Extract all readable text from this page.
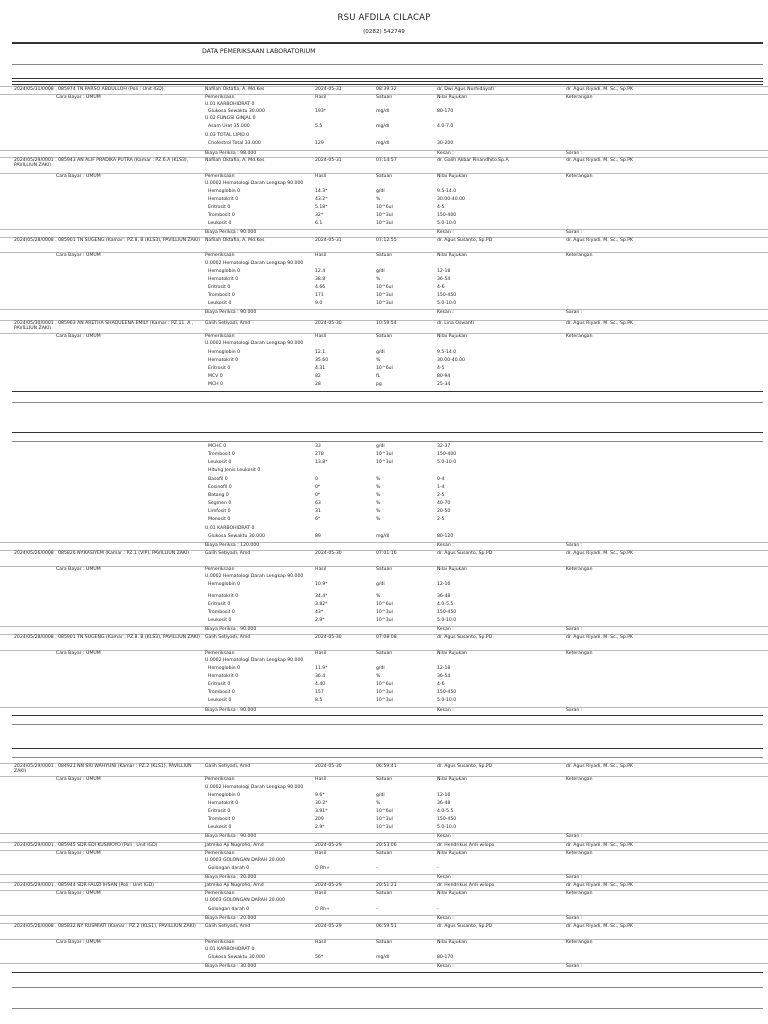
RSU AFDILA CILACAP
(0282) 542749
DATA PEMERIKSAAN LABORATORIUM
2024/05/31/0008 . 085974 TN PARSO ABDULLOH (Poli : Unit IGD)	Nafilah Oktafia, A. Md.Kes	2024-05-31	08:39:32	dr. Dwi Agus Nurhidayati	dr. Agus Riyadi, M. Sc., Sp.PK
Cara Bayar : UMUM	Pemeriksaan	Hasil	Satuan	Nilai Rujukan	Keterangan
U.01 KARBOHIDRAT 0
Glukosa Sewaktu 30.000	193*	mg/dl	80-170
U.02 FUNGSI GINJAL 0
Asam Urat 35.000	5.5	mg/dl	4.0-7.0
U.03 TOTAL LIPID 0
Cholestrol Total 33.000	129	mg/dl	30-200
Biaya Periksa : 98.000	Kesan :	Saran :
2024/05/29/0001 . 085943 AN ALIF PRADIKA PUTRA (Kamar : PZ.6.A (KLS3), PAVILLIUN ZAKI)
Nafilah Oktafia, A. Md.Kes	2024-05-31	07:14:57	dr. Galih Akbar Pinandhito.Sp.A	dr. Agus Riyadi, M. Sc., Sp.PK
Cara Bayar : UMUM	Pemeriksaan	Hasil	Satuan	Nilai Rujukan	Keterangan
U.0002 Hematologi Darah Lengkap 90.000
Hemoglobin 0	14.3*	g/dl	9.5-14.0
Hematokrit 0	43.2*	%	30.00-40.00
Eritrosit 0	5.18*	10^6ul	4-5
Trombosit 0	32*	10^3ul	150-400
Leukosit 0	6.1	10^3ul	5.0-10.0
Biaya Periksa : 90.000	Kesan :	Saran :
2024/05/28/0008 . 085901 TN SUGENG (Kamar : PZ.8. B (KLS3), PAVILLIUN ZAKI)	Nafilah Oktafia, A. Md.Kes	2024-05-31	07:12:55	dr. Agus Susanto, Sp.PD	dr. Agus Riyadi, M. Sc., Sp.PK
Cara Bayar : UMUM	Pemeriksaan	Hasil	Satuan	Nilai Rujukan	Keterangan
U.0002 Hematologi Darah Lengkap 90.000
Hemoglobin 0	12.4	g/dl	12-18
Hematokrit 0	38.8	%	36-54
Eritrosit 0	4.66	10^6ul	4-6
Trombosit 0	171	10^3ul	150-450
Leukosit 0	9.0	10^3ul	5.0-10.0
Biaya Periksa : 90.000	Kesan :	Saran :
2024/05/30/0001 . 085963 AN ARETHA SHAQUEENA EMILY (Kamar : PZ.11. A , PAVILLIUN ZAKI)
Galih Setiyadi, Amd	2024-05-30	10:59:54	dr. Lina Oswanti	dr. Agus Riyadi, M. Sc., Sp.PK
Cara Bayar : UMUM	Pemeriksaan	Hasil	Satuan	Nilai Rujukan	Keterangan
U.0002 Hematologi Darah Lengkap 90.000
Hemoglobin 0	12.1	g/dl	9.5-14.0
Hematokrit 0	35.60	%	30.00-40.00
Eritrosit 0	4.31	10^6ul	4-5
MCV 0	82	fL	80-94
MCH 0	28	pg	25-34
MCHC 0	33	g/dl	32-37
Trombosit 0	278	10^3ul	150-400
Leukosit 0	13.8*	10^3ul	5.0-10.0
Hitung Jenis Leukosit 0
Basofil 0	0	%	0-4
Eosinofil 0	0*	%	1-4
Batang 0	0*	%	2-5
Segmen 0	63	%	40-70
Limfosit 0	31	%	20-50
Monosit 0	6*	%	2-5
U.01 KARBOHIDRAT 0
Glukosa Sewaktu 30.000	89	mg/dl	80-120
Biaya Periksa : 120.000	Kesan :	Saran :
2024/05/26/0008 . 085826 NY.KASIYEM (Kamar : PZ.1 (VIP), PAVILLIUN ZAKI)	Galih Setiyadi, Amd	2024-05-30	07:01:16	dr. Agus Susanto, Sp.PD	dr. Agus Riyadi, M. Sc., Sp.PK
Cara Bayar : UMUM	Pemeriksaan	Hasil	Satuan	Nilai Rujukan	Keterangan
U.0002 Hematologi Darah Lengkap 90.000
Hemoglobin 0	10.9*	g/dl	12-16
Hematokrit 0	34.4*	%	36-48
Eritrosit 0	3.82*	10^6ul	4.0-5.5
Trombosit 0	43*	10^3ul	150-450
Leukosit 0	2.9*	10^3ul	5.0-10.0
Biaya Periksa : 90.000	Kesan :	Saran :
2024/05/28/0008 . 085901 TN SUGENG (Kamar : PZ.8. B (KLS3), PAVILLIUN ZAKI)	Galih Setiyadi, Amd	2024-05-30	07:08:08	dr. Agus Susanto, Sp.PD	dr. Agus Riyadi, M. Sc., Sp.PK
Cara Bayar : UMUM	Pemeriksaan	Hasil	Satuan	Nilai Rujukan	Keterangan
U.0002 Hematologi Darah Lengkap 90.000
Hemoglobin 0	11.9*	g/dl	12-18
Hematokrit 0	36.4	%	36-54
Eritrosit 0	4.40	10^6ul	4-6
Trombosit 0	157	10^3ul	150-450
Leukosit 0	8.5	10^3ul	5.0-10.0
Biaya Periksa : 90.000	Kesan :	Saran :
2024/05/29/0001 . 084921 NN SRI WAHYUNI (Kamar : PZ.2 (KLS1), PAVILLIUN ZAKI)
Galih Setiyadi, Amd	2024-05-30	06:59:41	dr. Agus Susanto, Sp.PD	dr. Agus Riyadi, M. Sc., Sp.PK
Cara Bayar : UMUM	Pemeriksaan	Hasil	Satuan	Nilai Rujukan	Keterangan
U.0002 Hematologi Darah Lengkap 90.000
Hemoglobin 0	9.6*	g/dl	12-16
Hematokrit 0	30.2*	%	36-48
Eritrosit 0	3.91*	10^6ul	4.0-5.5
Trombosit 0	209	10^3ul	150-450
Leukosit 0	2.9*	10^3ul	5.0-10.0
Biaya Periksa : 90.000	Kesan :	Saran :
2024/05/29/0001 . 085945 SDR EDI KUSWOYO (Poli : Unit IGD)	Jatmiko Aji Nugroho, Amd	2024-05-29	20:53:06	dr. Hendrikus Ardi wilopo	dr. Agus Riyadi, M. Sc., Sp.PK
Cara Bayar : UMUM	Pemeriksaan	Hasil	Satuan	Nilai Rujukan	Keterangan
U.0003 GOLONGAN DARAH 20.000
Golongan darah 0	O Rh+	-	-
Biaya Periksa : 20.000	Kesan :	Saran :
2024/05/29/0001 . 085944 SDR FAUZI IHSAN (Poli : Unit IGD)	Jatmiko Aji Nugroho, Amd	2024-05-29	20:51:21	dr. Hendrikus Ardi wilopo	dr. Agus Riyadi, M. Sc., Sp.PK
Cara Bayar : UMUM	Pemeriksaan	Hasil	Satuan	Nilai Rujukan	Keterangan
U.0003 GOLONGAN DARAH 20.000
Golongan darah 0	O Rh+	-	-
Biaya Periksa : 20.000	Kesan :	Saran :
2024/05/26/0008 . 085832 NY RUSMIATI (Kamar : PZ.2 (KLS1), PAVILLIUN ZAKI)	Galih Setiyadi, Amd	2024-05-29	06:59:51	dr. Agus Susanto, Sp.PD	dr. Agus Riyadi, M. Sc., Sp.PK
Cara Bayar : UMUM	Pemeriksaan	Hasil	Satuan	Nilai Rujukan	Keterangan
U.01 KARBOHIDRAT 0
Glukosa Sewaktu 30.000	56*	mg/dl	80-170
Biaya Periksa : 30.000	Kesan :	Saran :
